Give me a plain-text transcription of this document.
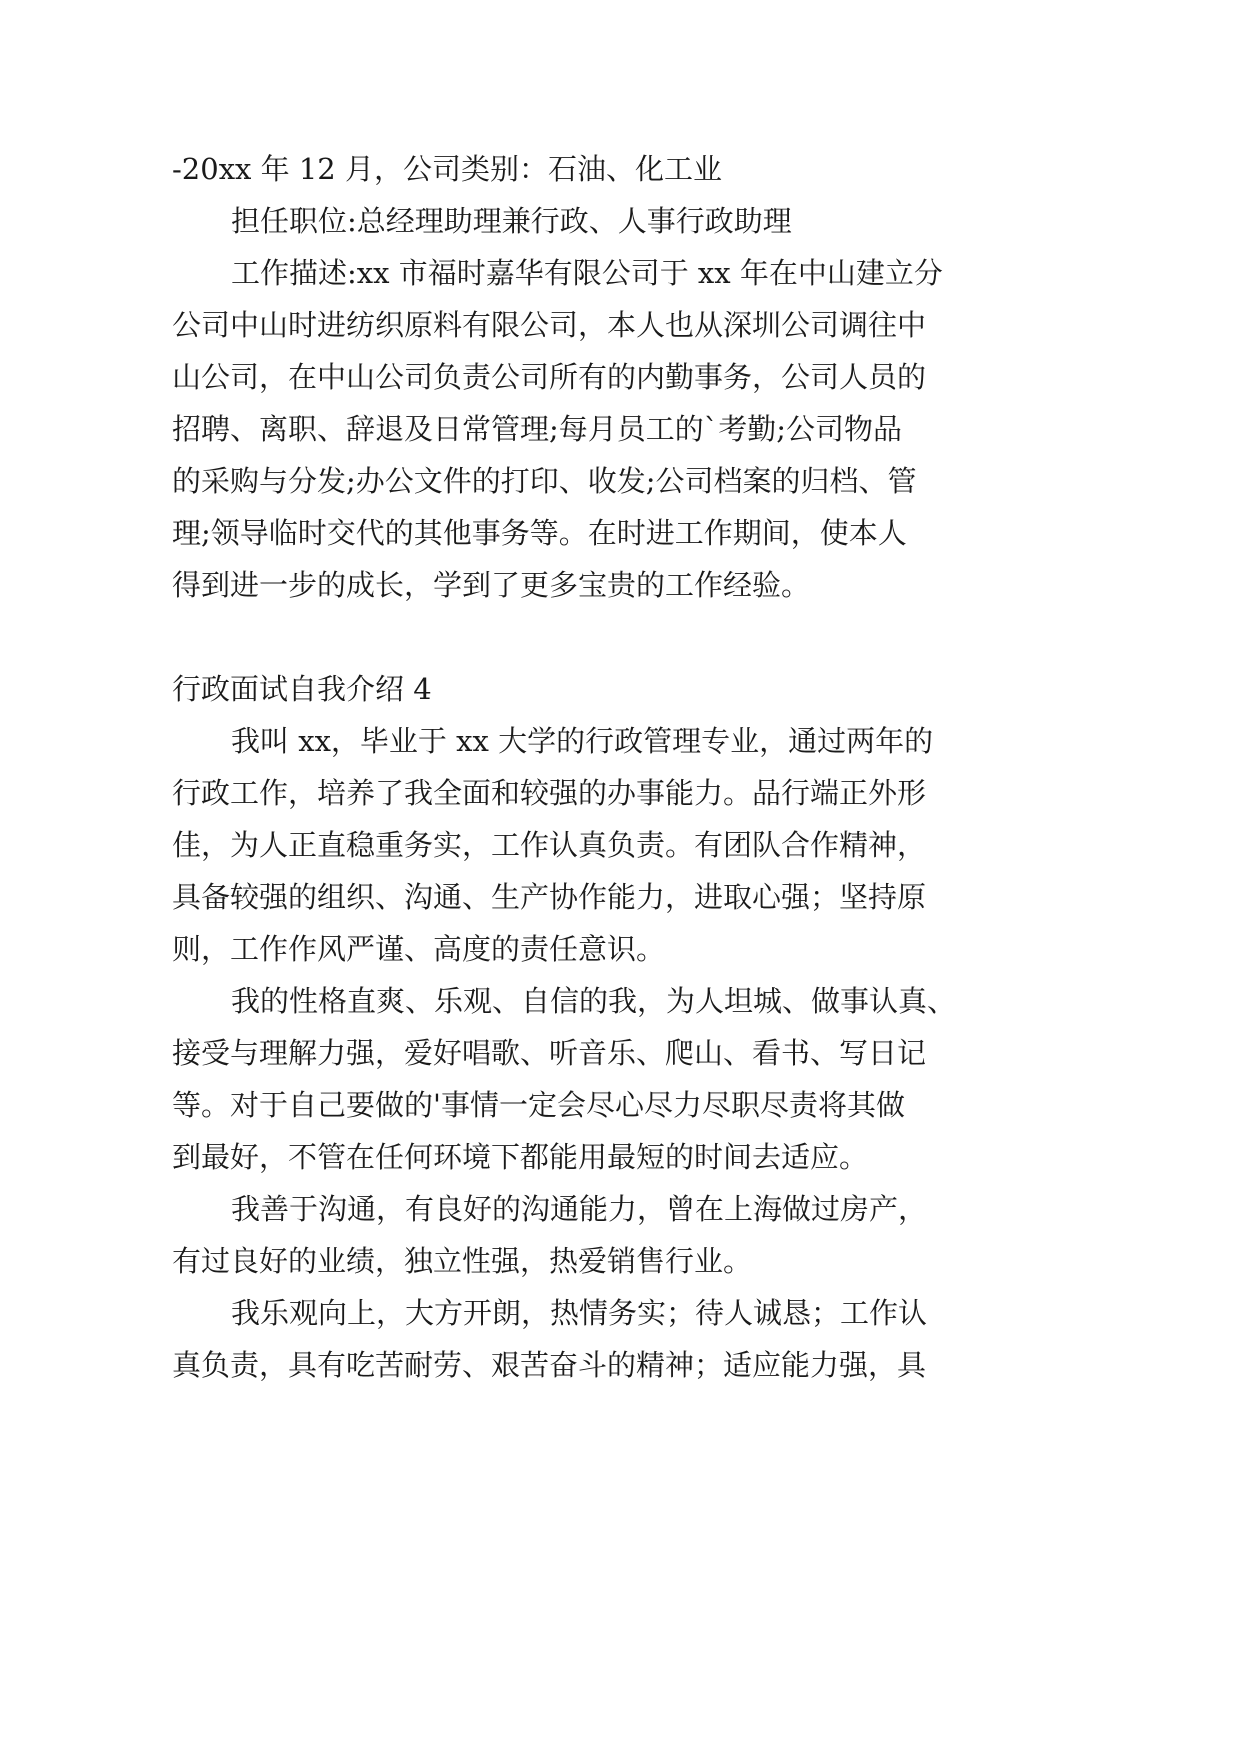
-20xx 年 12 月，公司类别：石油、化工业
担任职位:总经理助理兼行政、人事行政助理
工作描述:xx 市福时嘉华有限公司于 xx 年在中山建立分
公司中山时进纺织原料有限公司，本人也从深圳公司调往中
山公司，在中山公司负责公司所有的内勤事务，公司人员的
招聘、离职、辞退及日常管理;每月员工的`考勤;公司物品
的采购与分发;办公文件的打印、收发;公司档案的归档、管
理;领导临时交代的其他事务等。在时进工作期间，使本人
得到进一步的成长，学到了更多宝贵的工作经验。
行政面试自我介绍 4
我叫 xx，毕业于 xx 大学的行政管理专业，通过两年的
行政工作，培养了我全面和较强的办事能力。品行端正外形
佳，为人正直稳重务实，工作认真负责。有团队合作精神，
具备较强的组织、沟通、生产协作能力，进取心强；坚持原
则，工作作风严谨、高度的责任意识。
我的性格直爽、乐观、自信的我，为人坦城、做事认真、
接受与理解力强，爱好唱歌、听音乐、爬山、看书、写日记
等。对于自己要做的'事情一定会尽心尽力尽职尽责将其做
到最好，不管在任何环境下都能用最短的时间去适应。
我善于沟通，有良好的沟通能力，曾在上海做过房产，
有过良好的业绩，独立性强，热爱销售行业。
我乐观向上，大方开朗，热情务实；待人诚恳；工作认
真负责，具有吃苦耐劳、艰苦奋斗的精神；适应能力强，具
